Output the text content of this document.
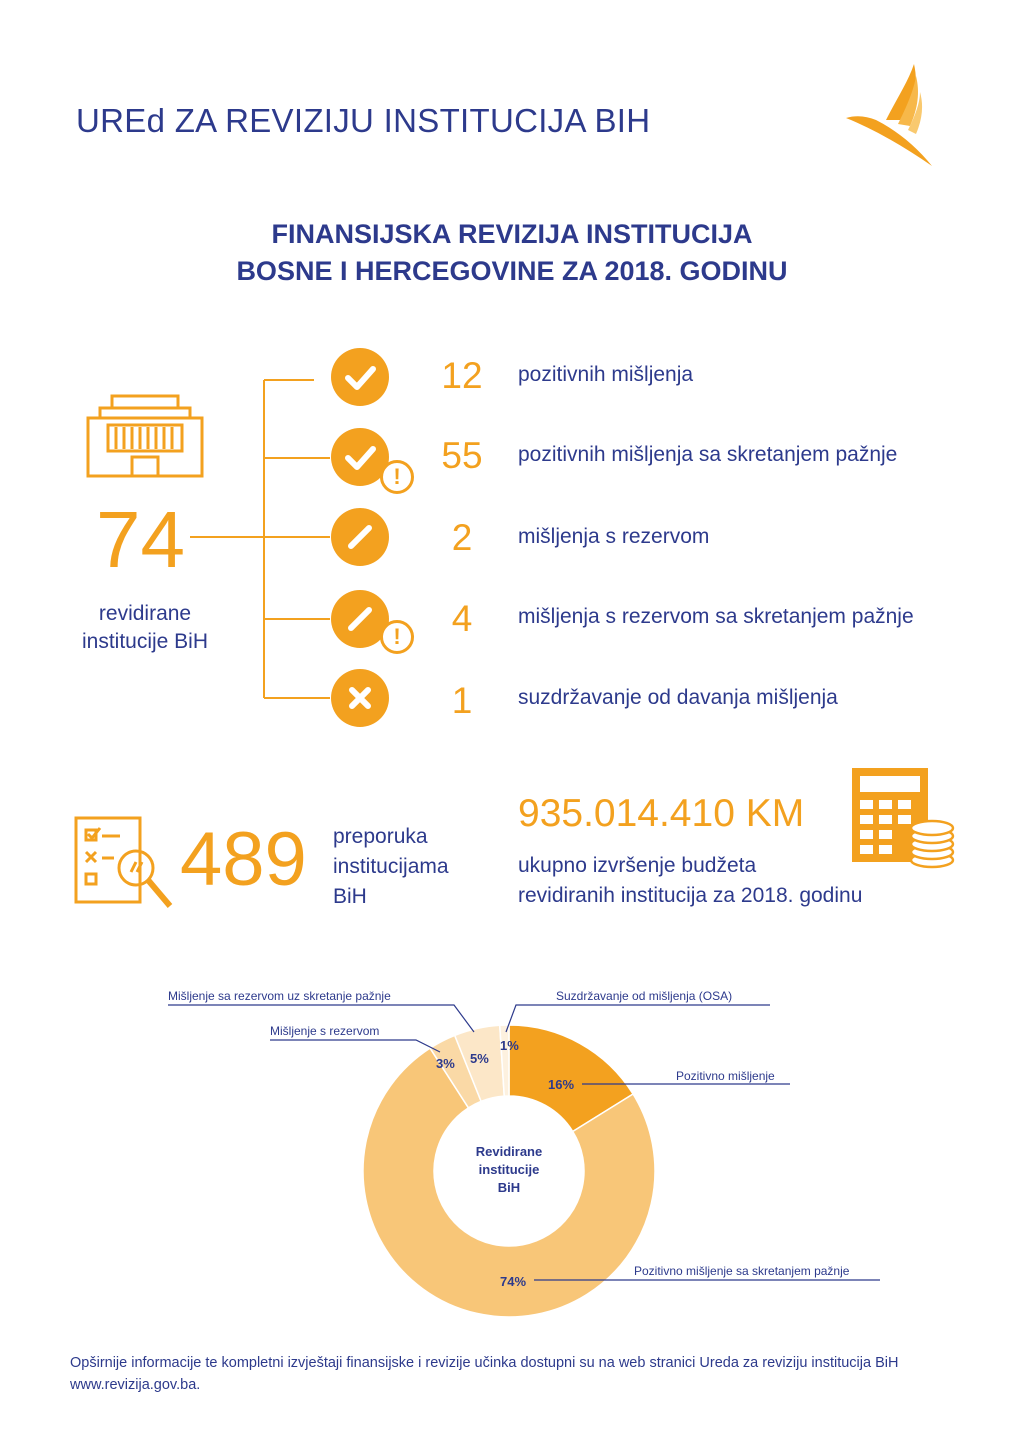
UREd ZA REVIZIJU INSTITUCIJA BIH
FINANSIJSKA REVIZIJA INSTITUCIJA
BOSNE I HERCEGOVINE ZA 2018. GODINU
74
revidirane institucije BiH
12	pozitivnih mišljenja
!
55	pozitivnih mišljenja sa skretanjem pažnje
2	mišljenja s rezervom
!	4	mišljenja s rezervom sa skretanjem pažnje
1	suzdržavanje od davanja mišljenja
489 preporuka
institucijama
BiH
935.014.410 KM
ukupno izvršenje budžeta
revidiranih institucija za 2018. godinu
Revidirane
institucije
BiH
16%
74%
3% 5%
1%
Mišljenje sa rezervom uz skretanje pažnje
Mišljenje s rezervom
Suzdržavanje od mišljenja (OSA)
Pozitivno mišljenje
Pozitivno mišljenje sa skretanjem pažnje
Opširnije informacije te kompletni izvještaji finansijske i revizije učinka dostupni su na web stranici Ureda za reviziju institucija BiH www.revizija.gov.ba.
